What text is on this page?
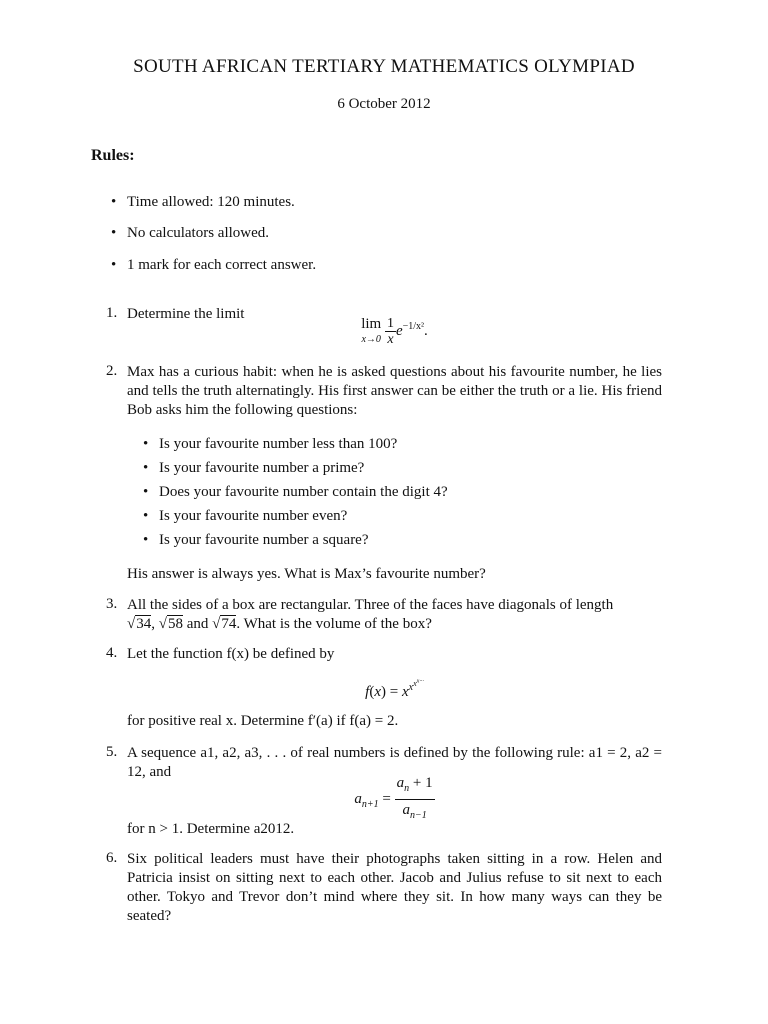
SOUTH AFRICAN TERTIARY MATHEMATICS OLYMPIAD
6 October 2012
Rules:
• Time allowed: 120 minutes.
• No calculators allowed.
• 1 mark for each correct answer.
1. Determine the limit
lim
$x\to 0 \frac{1}{x} e^{-1/x^2}$.
2. Max has a curious habit: when he is asked questions about his favourite number, he lies and tells the truth alternatingly. His first answer can be either the truth or a lie. His friend Bob asks him the following questions:
• Is your favourite number less than 100?
• Is your favourite number a prime?
• Does your favourite number contain the digit 4?
• Is your favourite number even?
• Is your favourite number a square?
His answer is always yes. What is Max’s favourite number?
3. All the sides of a box are rectangular. Three of the faces have diagonals of length
√34, √58 and √74. What is the volume of the box?
4. Let the function f(x) be defined by
$f(x) = x^{x^{x^{x\cdot\cdot\cdot}}}$
for positive real x. Determine f′(a) if f(a) = 2.
5. A sequence a1, a2, a3, . . . of real numbers is defined by the following rule: a1 = 2, a2 = 12, and
$a_{n+1} = \frac{a_n + 1}{a_{n-1}}$
for n > 1. Determine a2012.
6. Six political leaders must have their photographs taken sitting in a row. Helen and Patricia insist on sitting next to each other. Jacob and Julius refuse to sit next to each other. Tokyo and Trevor don’t mind where they sit. In how many ways can they be seated?
